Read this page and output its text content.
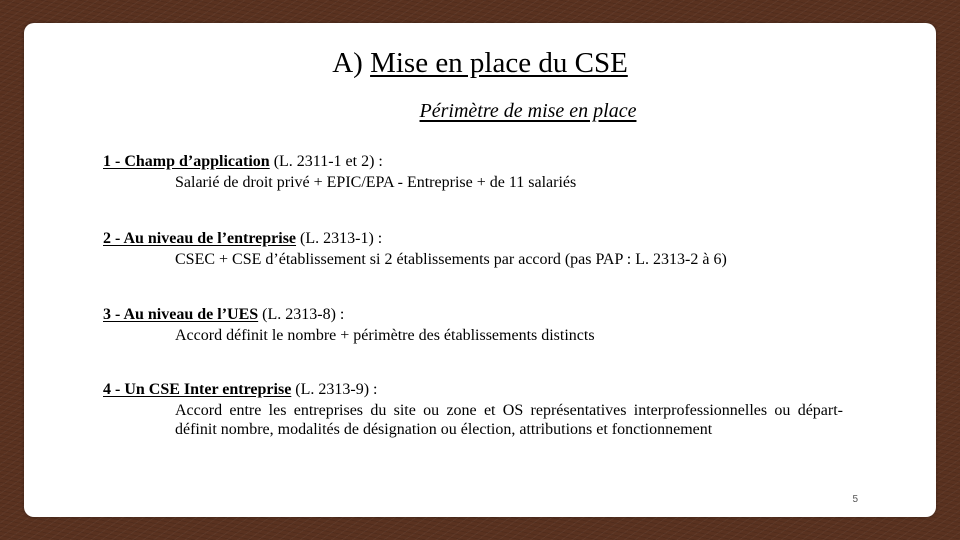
A) Mise en place du CSE
Périmètre de mise en place
1 - Champ d’application (L. 2311-1 et 2) :
Salarié de droit privé + EPIC/EPA - Entreprise + de 11 salariés
2 - Au niveau de l’entreprise (L. 2313-1) :
CSEC + CSE d’établissement si 2 établissements par accord (pas PAP : L. 2313-2 à 6)
3 - Au niveau de l’UES (L. 2313-8) :
Accord définit le nombre + périmètre des établissements distincts
4 - Un CSE Inter entreprise (L. 2313-9) :
Accord entre les entreprises du site ou zone et OS représentatives interprofessionnelles ou départ- définit nombre, modalités de désignation ou élection, attributions et fonctionnement
5
